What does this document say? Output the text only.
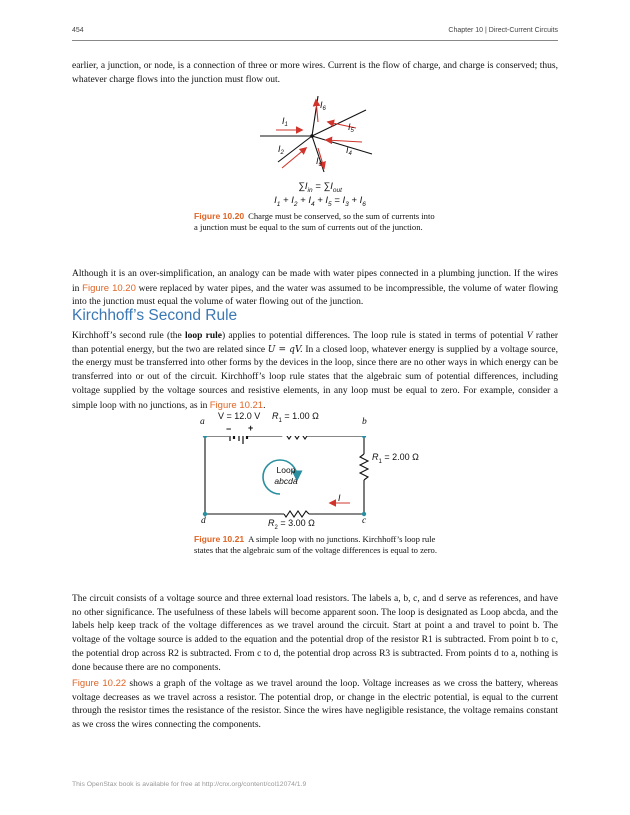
454	Chapter 10 | Direct-Current Circuits

earlier, a junction, or node, is a connection of three or more wires. Current is the flow of charge, and charge is conserved; thus, whatever charge flows into the junction must flow out.

$I_1$
$I_2$
$I_3$
$I_4$
$I_5$
$I_6$
$\sum I_{in} = \sum I_{out}$
$I_1 + I_2 + I_4 + I_5 = I_3 + I_6$
Figure 10.20 Charge must be conserved, so the sum of currents into a junction must be equal to the sum of currents out of the junction.

Although it is an over-simplification, an analogy can be made with water pipes connected in a plumbing junction. If the wires in Figure 10.20 were replaced by water pipes, and the water was assumed to be incompressible, the volume of water flowing into the junction must equal the volume of water flowing out of the junction.

Kirchhoff’s Second Rule

Kirchhoff’s second rule (the loop rule) applies to potential differences. The loop rule is stated in terms of potential V rather than potential energy, but the two are related since U = qV. In a closed loop, whatever energy is supplied by a voltage source, the energy must be transferred into other forms by the devices in the loop, since there are no other ways in which energy can be transferred into or out of the circuit. Kirchhoff’s loop rule states that the algebraic sum of potential differences, including voltage supplied by the voltage sources and resistive elements, in any loop must be equal to zero. For example, consider a simple loop with no junctions, as in Figure 10.21.

a	b
c
d
V = 12.0 V
− +
$R_1 = 1.00$ Ω
$R_1 = 2.00$ Ω
$R_2 = 3.00$ Ω
Loop
abcda
I
Figure 10.21 A simple loop with no junctions. Kirchhoff’s loop rule states that the algebraic sum of the voltage differences is equal to zero.

The circuit consists of a voltage source and three external load resistors. The labels a, b, c, and d serve as references, and have no other significance. The usefulness of these labels will become apparent soon. The loop is designated as Loop abcda, and the labels help keep track of the voltage differences as we travel around the circuit. Start at point a and travel to point b. The voltage of the voltage source is added to the equation and the potential drop of the resistor R1 is subtracted. From point b to c, the potential drop across R2 is subtracted. From c to d, the potential drop across R3 is subtracted. From points d to a, nothing is done because there are no components.

Figure 10.22 shows a graph of the voltage as we travel around the loop. Voltage increases as we cross the battery, whereas voltage decreases as we travel across a resistor. The potential drop, or change in the electric potential, is equal to the current through the resistor times the resistance of the resistor. Since the wires have negligible resistance, the voltage remains constant as we cross the wires connecting the components.

This OpenStax book is available for free at http://cnx.org/content/col12074/1.9
